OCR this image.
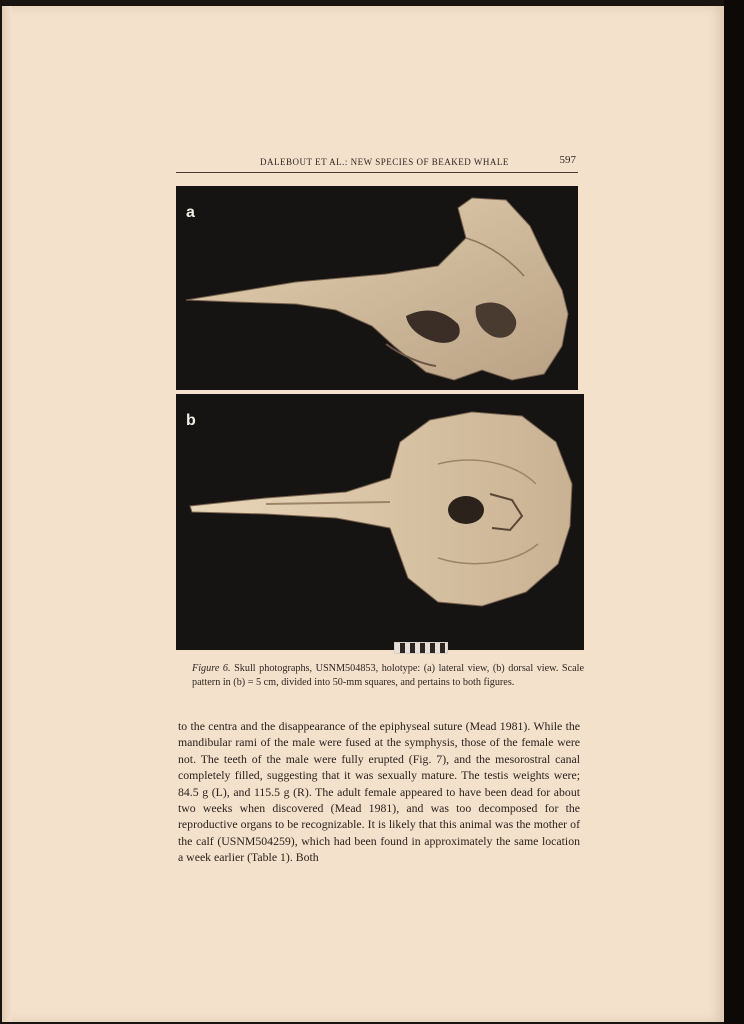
DALEBOUT ET AL.: NEW SPECIES OF BEAKED WHALE	597
a
b
Figure 6. Skull photographs, USNM504853, holotype: (a) lateral view, (b) dorsal view. Scale pattern in (b) = 5 cm, divided into 50-mm squares, and pertains to both figures.

to the centra and the disappearance of the epiphyseal suture (Mead 1981). While the mandibular rami of the male were fused at the symphysis, those of the female were not. The teeth of the male were fully erupted (Fig. 7), and the mesorostral canal completely filled, suggesting that it was sexually mature. The testis weights were; 84.5 g (L), and 115.5 g (R). The adult female appeared to have been dead for about two weeks when discovered (Mead 1981), and was too decomposed for the reproductive organs to be recognizable. It is likely that this animal was the mother of the calf (USNM504259), which had been found in approximately the same location a week earlier (Table 1). Both
